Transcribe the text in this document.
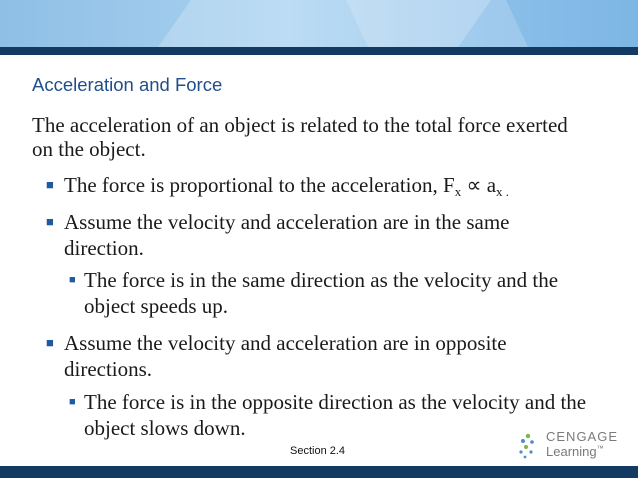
Acceleration and Force
The acceleration of an object is related to the total force exerted on the object.
■ The force is proportional to the acceleration, $F_x \propto a_{x .}$
■ Assume the velocity and acceleration are in the same direction.
■ The force is in the same direction as the velocity and the object speeds up.
■ Assume the velocity and acceleration are in opposite directions.
■ The force is in the opposite direction as the velocity and the object slows down.
Section 2.4
CENGAGE
Learning™
